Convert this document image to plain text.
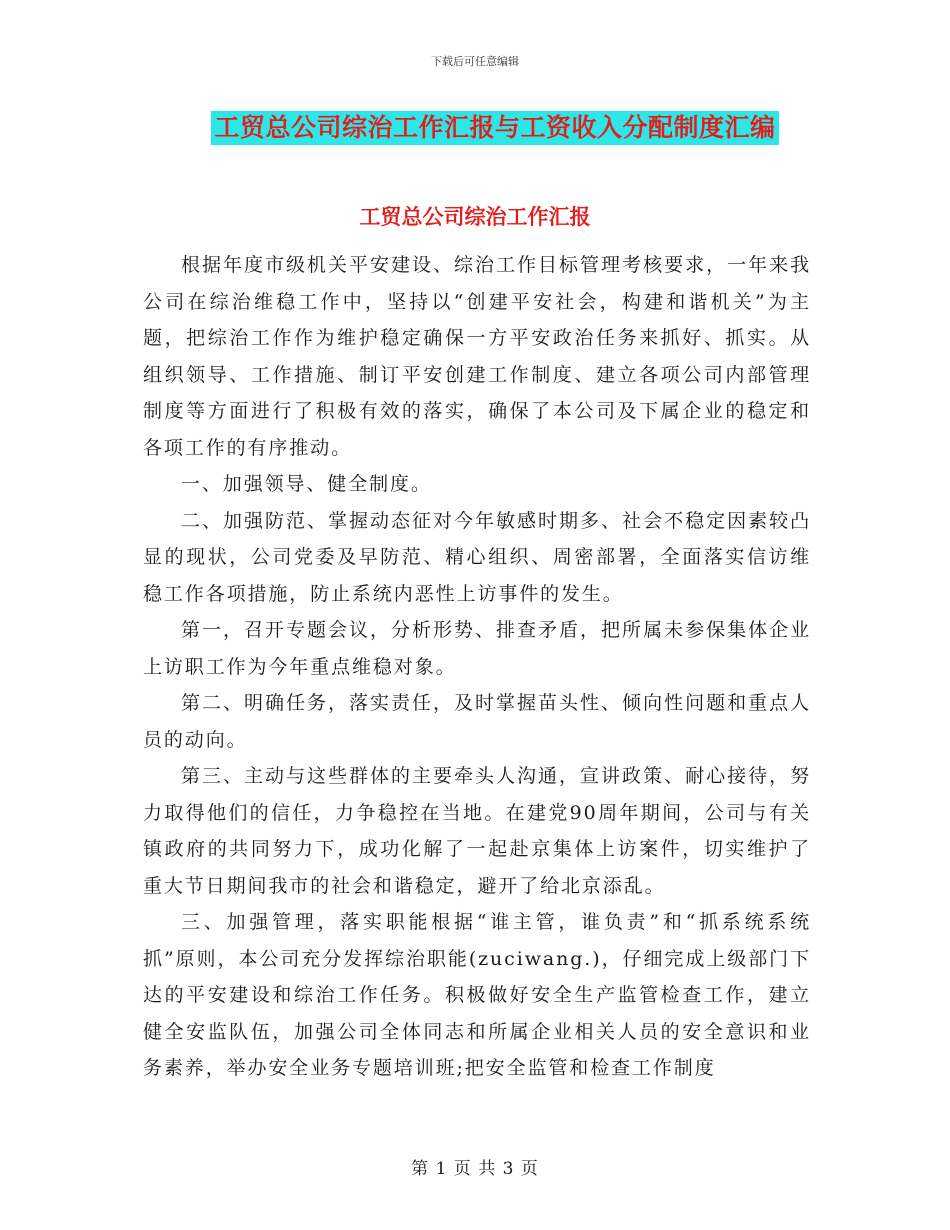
下载后可任意编辑
工贸总公司综治工作汇报与工资收入分配制度汇编
工贸总公司综治工作汇报

根据年度市级机关平安建设、综治工作目标管理考核要求，一年来我公司在综治维稳工作中，坚持以“创建平安社会，构建和谐机关”为主题，把综治工作作为维护稳定确保一方平安政治任务来抓好、抓实。从组织领导、工作措施、制订平安创建工作制度、建立各项公司内部管理制度等方面进行了积极有效的落实，确保了本公司及下属企业的稳定和各项工作的有序推动。

一、加强领导、健全制度。

二、加强防范、掌握动态征对今年敏感时期多、社会不稳定因素较凸显的现状，公司党委及早防范、精心组织、周密部署，全面落实信访维稳工作各项措施，防止系统内恶性上访事件的发生。

第一，召开专题会议，分析形势、排查矛盾，把所属未参保集体企业上访职工作为今年重点维稳对象。

第二、明确任务，落实责任，及时掌握苗头性、倾向性问题和重点人员的动向。

第三、主动与这些群体的主要牵头人沟通，宣讲政策、耐心接待，努力取得他们的信任，力争稳控在当地。在建党90周年期间，公司与有关镇政府的共同努力下，成功化解了一起赴京集体上访案件，切实维护了重大节日期间我市的社会和谐稳定，避开了给北京添乱。

三、加强管理，落实职能根据“谁主管，谁负责”和“抓系统系统抓”原则，本公司充分发挥综治职能(zuciwang.)，仔细完成上级部门下达的平安建设和综治工作任务。积极做好安全生产监管检查工作，建立健全安监队伍，加强公司全体同志和所属企业相关人员的安全意识和业务素养，举办安全业务专题培训班;把安全监管和检查工作制度

第 1 页 共 3 页
